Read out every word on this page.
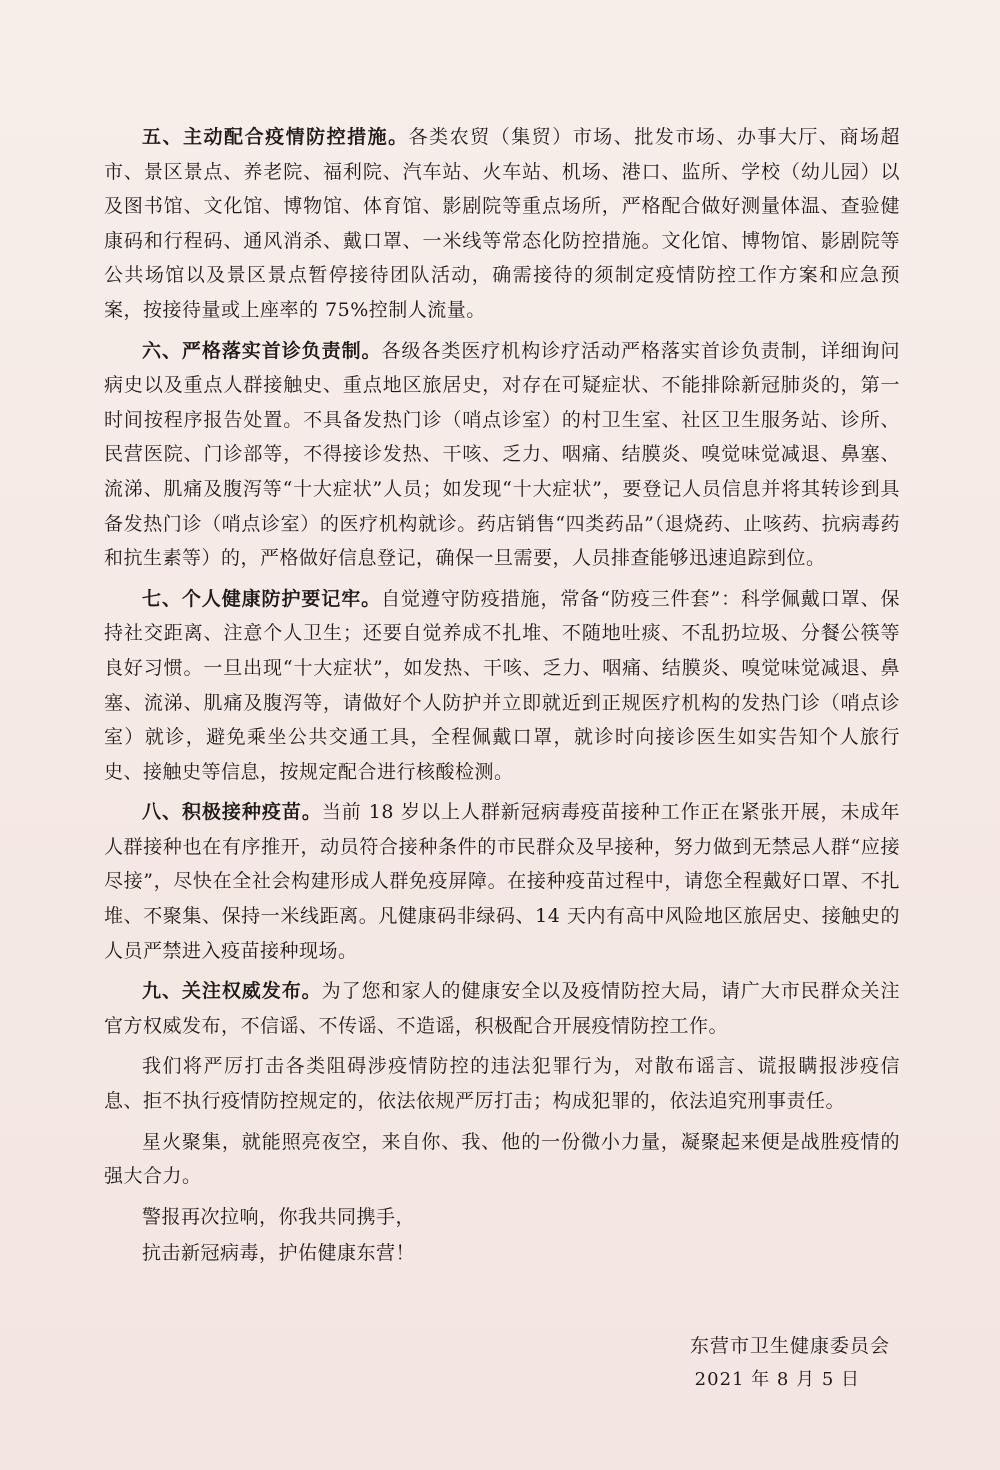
五、主动配合疫情防控措施。各类农贸（集贸）市场、批发市场、办事大厅、商场超市、景区景点、养老院、福利院、汽车站、火车站、机场、港口、监所、学校（幼儿园）以及图书馆、文化馆、博物馆、体育馆、影剧院等重点场所，严格配合做好测量体温、查验健康码和行程码、通风消杀、戴口罩、一米线等常态化防控措施。文化馆、博物馆、影剧院等公共场馆以及景区景点暂停接待团队活动，确需接待的须制定疫情防控工作方案和应急预案，按接待量或上座率的 75%控制人流量。

六、严格落实首诊负责制。各级各类医疗机构诊疗活动严格落实首诊负责制，详细询问病史以及重点人群接触史、重点地区旅居史，对存在可疑症状、不能排除新冠肺炎的，第一时间按程序报告处置。不具备发热门诊（哨点诊室）的村卫生室、社区卫生服务站、诊所、民营医院、门诊部等，不得接诊发热、干咳、乏力、咽痛、结膜炎、嗅觉味觉减退、鼻塞、流涕、肌痛及腹泻等“十大症状”人员；如发现“十大症状”，要登记人员信息并将其转诊到具备发热门诊（哨点诊室）的医疗机构就诊。药店销售“四类药品”（退烧药、止咳药、抗病毒药和抗生素等）的，严格做好信息登记，确保一旦需要，人员排查能够迅速追踪到位。

七、个人健康防护要记牢。自觉遵守防疫措施，常备“防疫三件套”：科学佩戴口罩、保持社交距离、注意个人卫生；还要自觉养成不扎堆、不随地吐痰、不乱扔垃圾、分餐公筷等良好习惯。一旦出现“十大症状”，如发热、干咳、乏力、咽痛、结膜炎、嗅觉味觉减退、鼻塞、流涕、肌痛及腹泻等，请做好个人防护并立即就近到正规医疗机构的发热门诊（哨点诊室）就诊，避免乘坐公共交通工具，全程佩戴口罩，就诊时向接诊医生如实告知个人旅行史、接触史等信息，按规定配合进行核酸检测。

八、积极接种疫苗。当前 18 岁以上人群新冠病毒疫苗接种工作正在紧张开展，未成年人群接种也在有序推开，动员符合接种条件的市民群众及早接种，努力做到无禁忌人群“应接尽接”，尽快在全社会构建形成人群免疫屏障。在接种疫苗过程中，请您全程戴好口罩、不扎堆、不聚集、保持一米线距离。凡健康码非绿码、14 天内有高中风险地区旅居史、接触史的人员严禁进入疫苗接种现场。

九、关注权威发布。为了您和家人的健康安全以及疫情防控大局，请广大市民群众关注官方权威发布，不信谣、不传谣、不造谣，积极配合开展疫情防控工作。

我们将严厉打击各类阻碍涉疫情防控的违法犯罪行为，对散布谣言、谎报瞒报涉疫信息、拒不执行疫情防控规定的，依法依规严厉打击；构成犯罪的，依法追究刑事责任。

星火聚集，就能照亮夜空，来自你、我、他的一份微小力量，凝聚起来便是战胜疫情的强大合力。

警报再次拉响，你我共同携手，

抗击新冠病毒，护佑健康东营！

东营市卫生健康委员会

2021 年 8 月 5 日
